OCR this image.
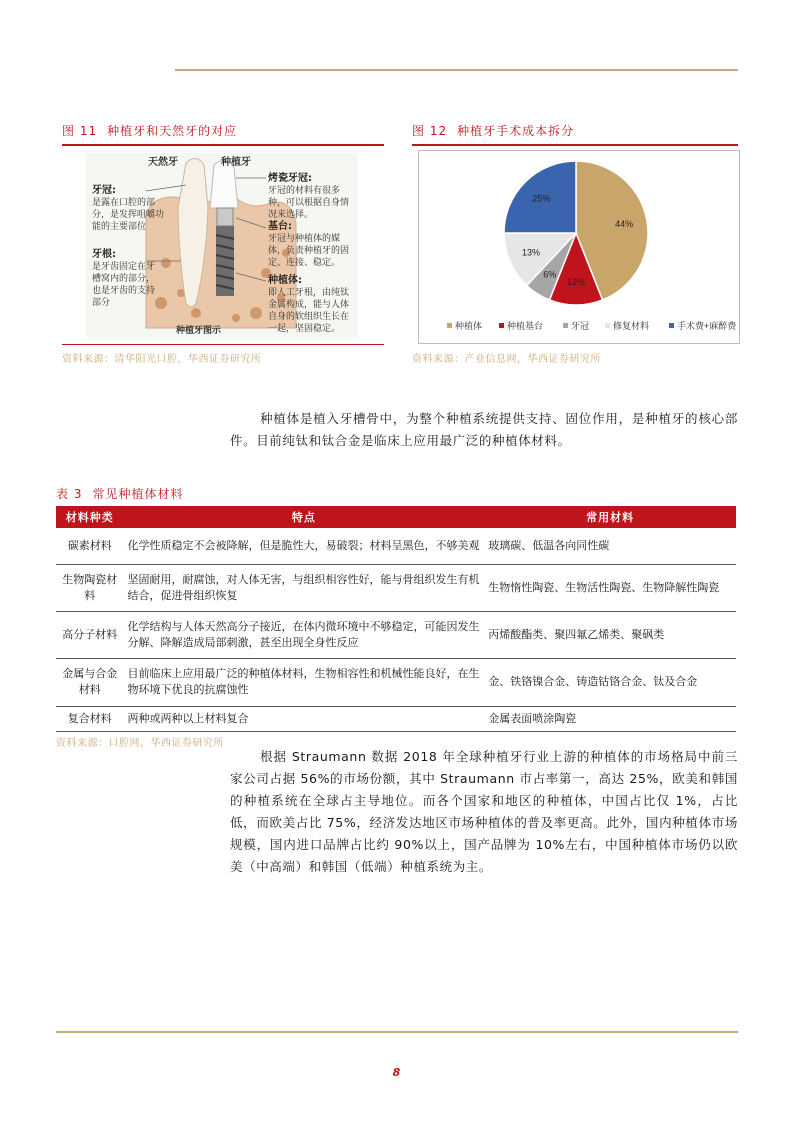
图 11 种植牙和天然牙的对应
天然牙	种植牙
牙冠:
是露在口腔的部分，是发挥咀嚼功能的主要部位
牙根:
是牙齿固定在牙槽窝内的部分，也是牙齿的支持部分
烤瓷牙冠:
牙冠的材料有很多种，可以根据自身情况来选择。
基台:
牙冠与种植体的媒体，负责种植牙的固定、连接、稳定。
种植体:
即人工牙根，由纯钛金属构成，能与人体自身的软组织生长在一起，坚固稳定。
种植牙图示
资料来源：清华阳光口腔，华西证券研究所
图 12 种植牙手术成本拆分
44%
12%
6%
13%
25%
种植体	种植基台	牙冠	修复材料	手术费+麻醉费
资料来源：产业信息网，华西证券研究所
种植体是植入牙槽骨中，为整个种植系统提供支持、固位作用，是种植牙的核心部件。目前纯钛和钛合金是临床上应用最广泛的种植体材料。
表 3 常见种植体材料
材料种类	特点	常用材料
碳素材料	化学性质稳定不会被降解，但是脆性大，易破裂；材料呈黑色，不够美观	玻璃碳、低温各向同性碳
生物陶瓷材料	坚固耐用，耐腐蚀，对人体无害，与组织相容性好，能与骨组织发生有机结合，促进骨组织恢复	生物惰性陶瓷、生物活性陶瓷、生物降解性陶瓷
高分子材料	化学结构与人体天然高分子接近，在体内微环境中不够稳定，可能因发生分解、降解造成局部刺激，甚至出现全身性反应	丙烯酸酯类、聚四氟乙烯类、聚砜类
金属与合金材料	目前临床上应用最广泛的种植体材料，生物相容性和机械性能良好，在生物环境下优良的抗腐蚀性	金、铁铬镍合金、铸造钴铬合金、钛及合金
复合材料	两种或两种以上材料复合	金属表面喷涂陶瓷
资料来源：口腔网，华西证券研究所
根据 Straumann 数据 2018 年全球种植牙行业上游的种植体的市场格局中前三家公司占据 56%的市场份额，其中 Straumann 市占率第一，高达 25%，欧美和韩国的种植系统在全球占主导地位。而各个国家和地区的种植体，中国占比仅 1%，占比低，而欧美占比 75%，经济发达地区市场种植体的普及率更高。此外，国内种植体市场规模，国内进口品牌占比约 90%以上，国产品牌为 10%左右，中国种植体市场仍以欧美（中高端）和韩国（低端）种植系统为主。
8
